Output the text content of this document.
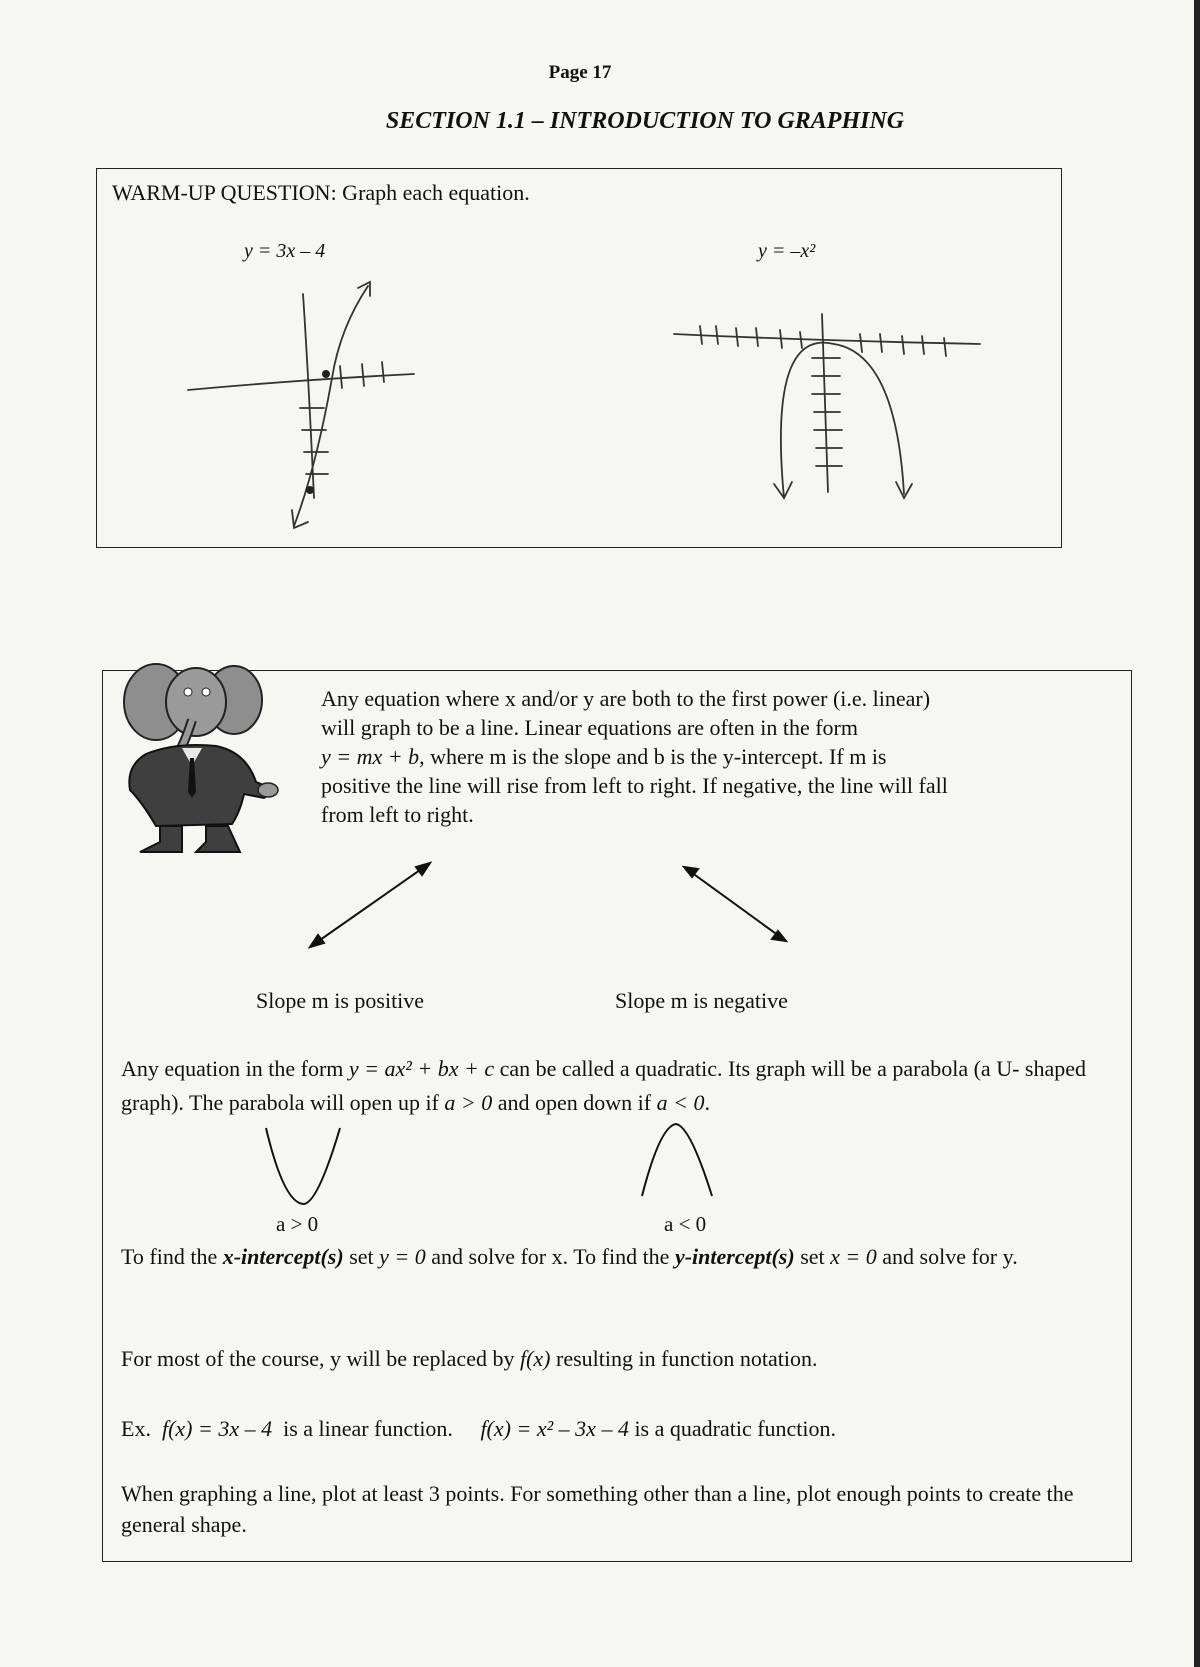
Page 17
SECTION 1.1 – INTRODUCTION TO GRAPHING
WARM-UP QUESTION: Graph each equation.
y = 3x – 4	y = –x²
Any equation where x and/or y are both to the first power (i.e. linear)
will graph to be a line. Linear equations are often in the form
y = mx + b, where m is the slope and b is the y-intercept. If m is
positive the line will rise from left to right. If negative, the line will fall
from left to right.
Slope m is positive	Slope m is negative
Any equation in the form y = ax² + bx + c can be called a quadratic. Its graph will be a parabola (a U- shaped graph). The parabola will open up if a > 0 and open down if a < 0.
a > 0	a < 0
To find the x-intercept(s) set y = 0 and solve for x. To find the y-intercept(s) set x = 0 and solve for y.
For most of the course, y will be replaced by f(x) resulting in function notation.
Ex.  f(x) = 3x – 4  is a linear function.     f(x) = x² – 3x – 4 is a quadratic function.
When graphing a line, plot at least 3 points. For something other than a line, plot enough points to create the general shape.
